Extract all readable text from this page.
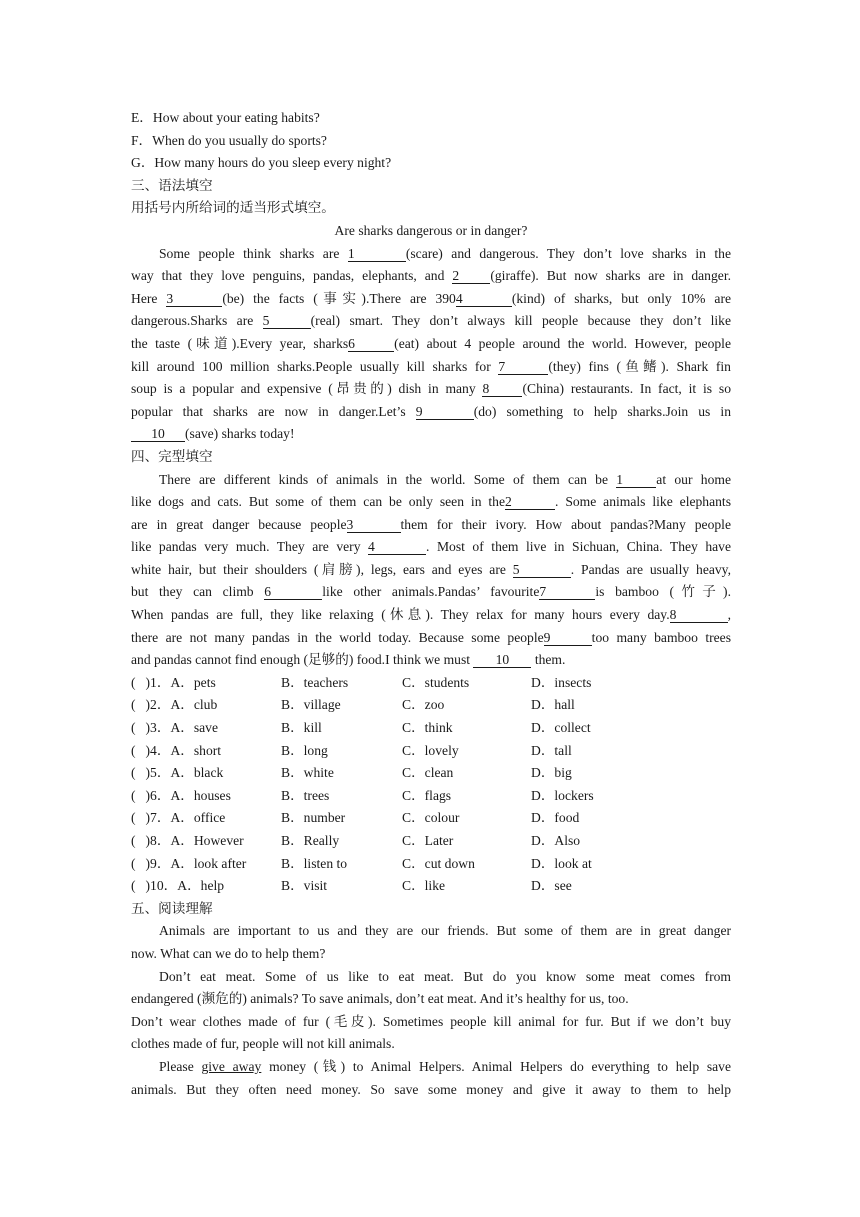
E．How about your eating habits?
F．When do you usually do sports?
G．How many hours do you sleep every night?
三、语法填空
用括号内所给词的适当形式填空。
Are sharks dangerous or in danger?
Some people think sharks are 1	(scare) and dangerous. They don’t love sharks in the
way that they love penguins, pandas, elephants, and 2 (giraffe). But now sharks are in danger.
Here 3	(be) the facts (事实).There are 3904	(kind) of sharks, but only 10% are
dangerous.Sharks are 5	(real) smart. They don’t always kill people because they don’t like
the taste (味道).Every year, sharks6	(eat) about 4 people around the world. However, people
kill around 100 million sharks.People usually kill sharks for 7	(they) fins (鱼鳍). Shark fin
soup is a popular and expensive (昂贵的) dish in many 8 (China) restaurants. In fact, it is so
popular that sharks are now in danger.Let’s 9	(do) something to help sharks.Join us in
10 (save) sharks today!
四、完型填空
There are different kinds of animals in the world. Some of them can be 1 at our home
like dogs and cats. But some of them can be only seen in the2	. Some animals like elephants
are in great danger because people3	them for their ivory. How about pandas?Many people
like pandas very much. They are very 4	. Most of them live in Sichuan, China. They have
white hair, but their shoulders (肩膀), legs, ears and eyes are 5	. Pandas are usually heavy,
but they can climb 6	like other animals.Pandas’ favourite7	is bamboo (竹子).
When pandas are full, they like relaxing (休息). They relax for many hours every day.8	,
there are not many pandas in the world today. Because some people9	too many bamboo trees
and pandas cannot find enough (足够的) food.I think we must 10 them.
( )1．A．pets	B．teachers	C．students	D．insects
( )2．A．club	B．village	C．zoo	D．hall
( )3．A．save	B．kill	C．think	D．collect
( )4．A．short	B．long	C．lovely	D．tall
( )5．A．black	B．white	C．clean	D．big
( )6．A．houses	B．trees	C．flags	D．lockers
( )7．A．office	B．number	C．colour	D．food
( )8．A．However	B．Really	C．Later	D．Also
( )9．A．look after	B．listen to	C．cut down	D．look at
( )10．A．help	B．visit	C．like	D．see
五、阅读理解
Animals are important to us and they are our friends. But some of them are in great danger
now. What can we do to help them?
Don’t eat meat. Some of us like to eat meat. But do you know some meat comes from
endangered (濒危的) animals? To save animals, don’t eat meat. And it’s healthy for us, too.
Don’t wear clothes made of fur (毛皮). Sometimes people kill animal for fur. But if we don’t buy
clothes made of fur, people will not kill animals.
Please give away money (钱) to Animal Helpers. Animal Helpers do everything to help save
animals. But they often need money. So save some money and give it away to them to help
